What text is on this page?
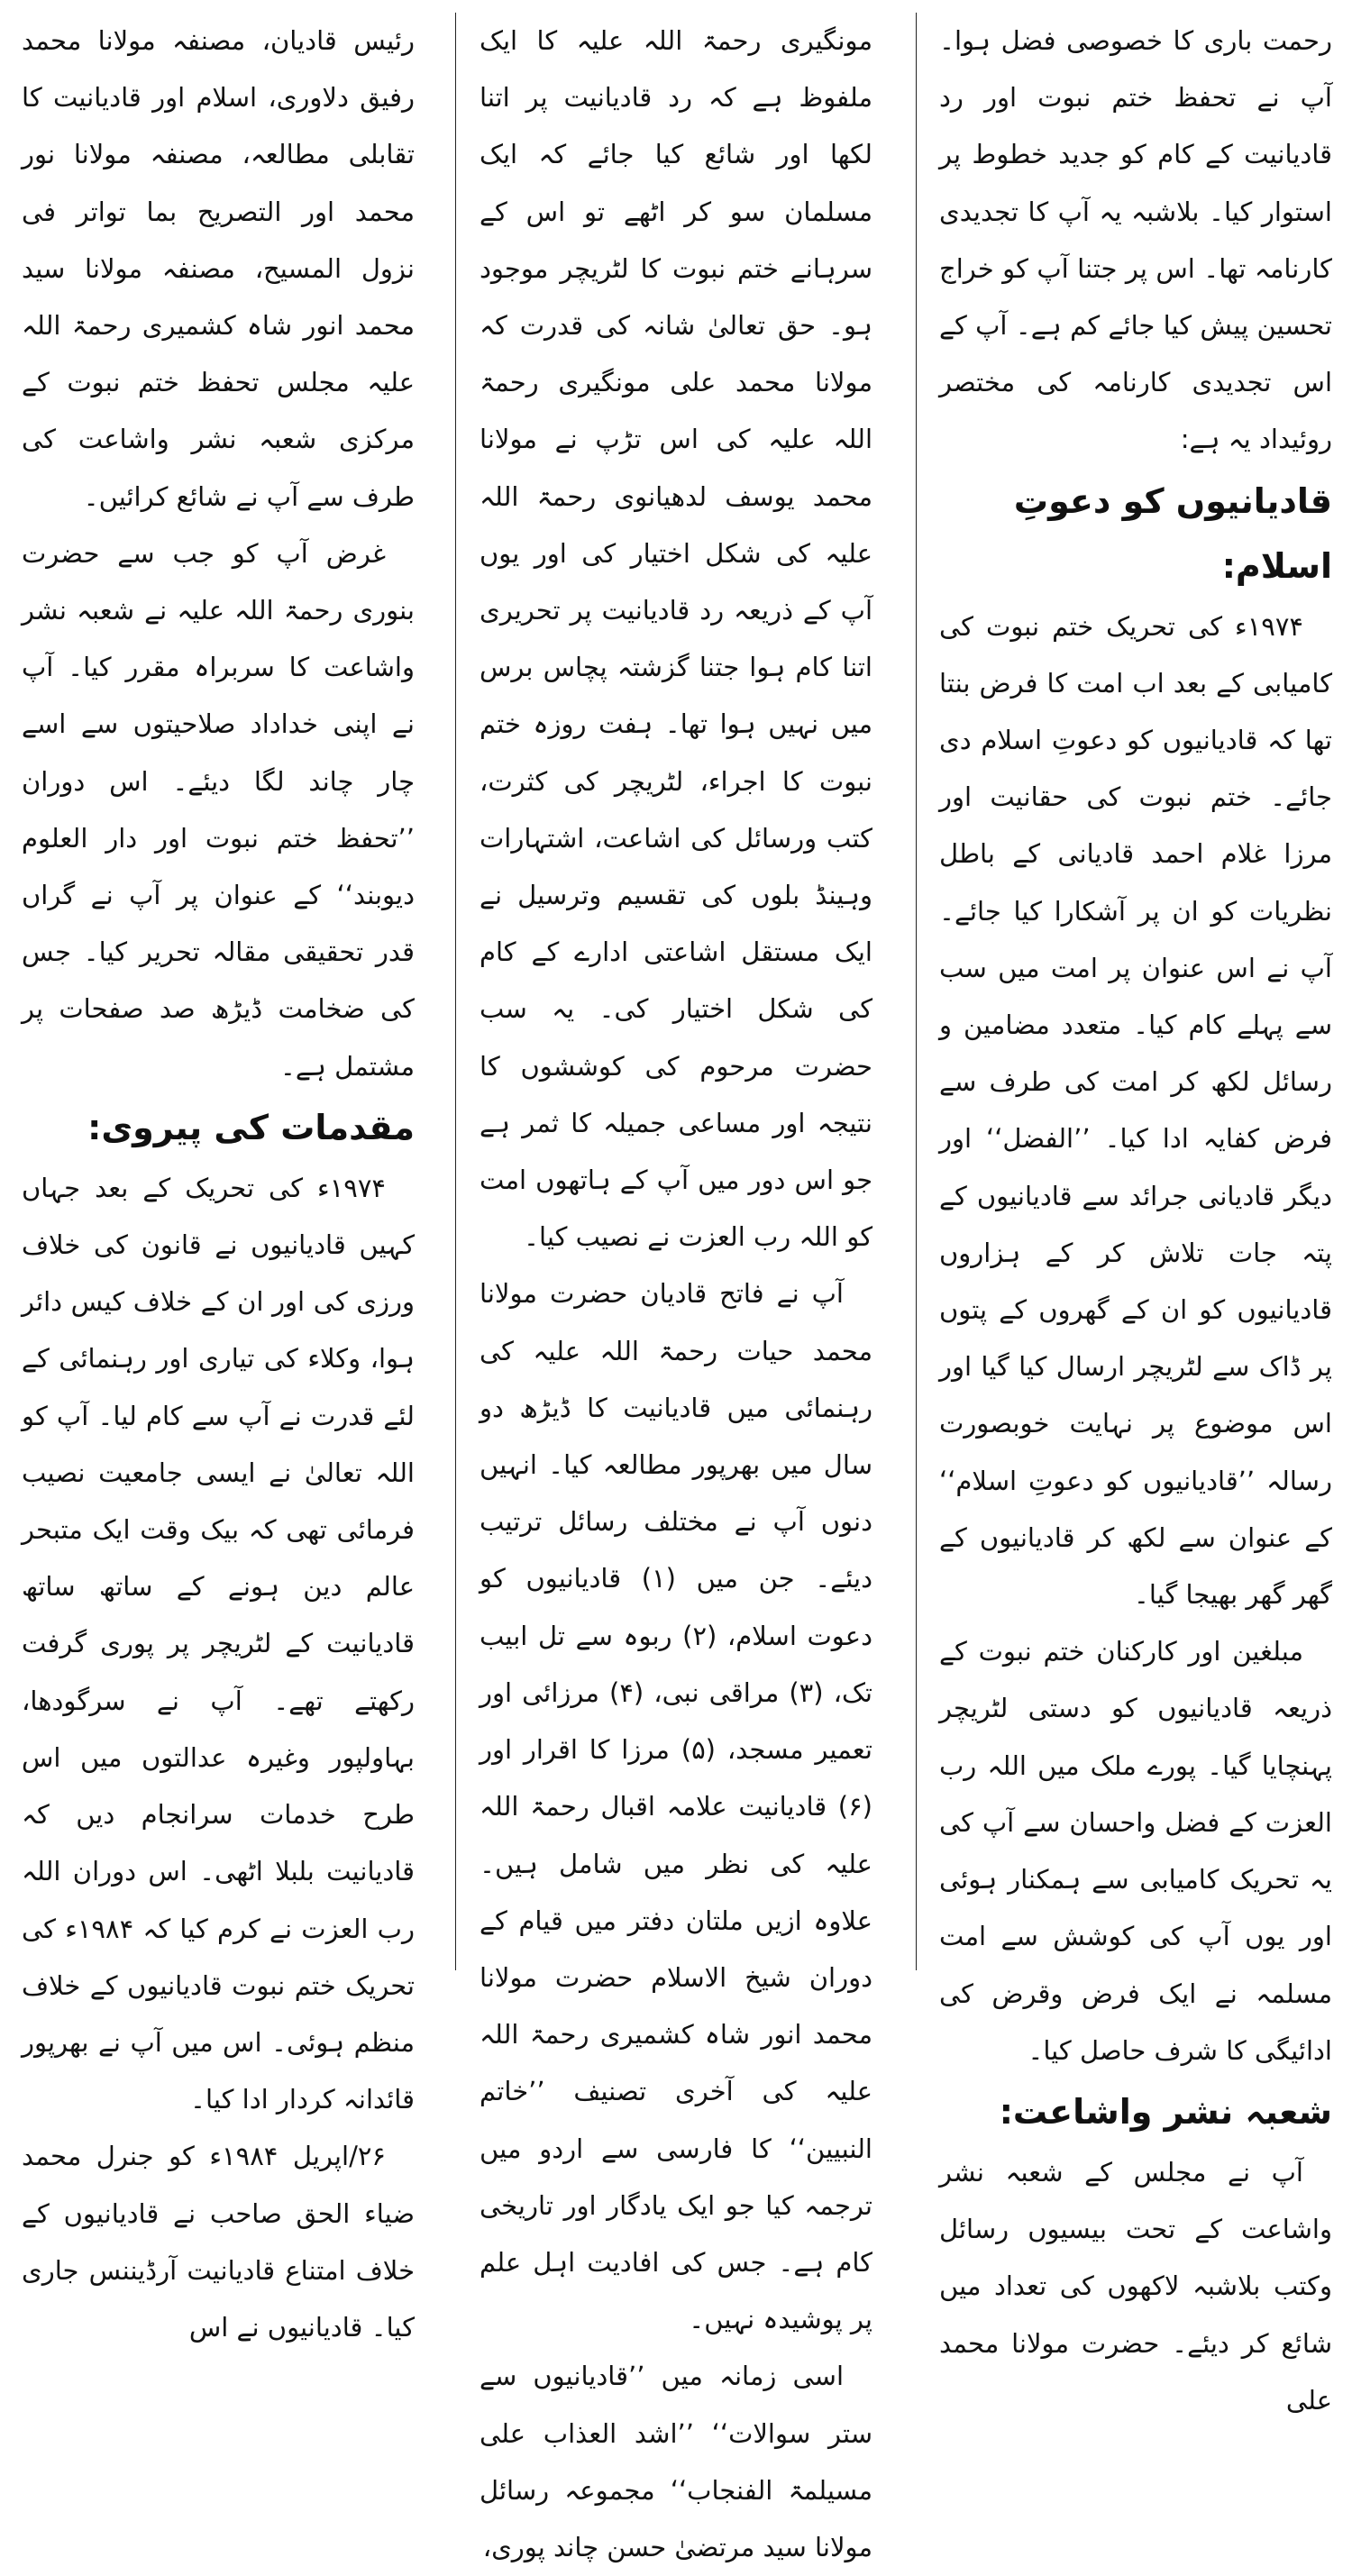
رحمت باری کا خصوصی فضل ہوا۔ آپ نے تحفظ ختم نبوت اور رد قادیانیت کے کام کو جدید خطوط پر استوار کیا۔ بلاشبہ یہ آپ کا تجدیدی کارنامہ تھا۔ اس پر جتنا آپ کو خراج تحسین پیش کیا جائے کم ہے۔ آپ کے اس تجدیدی کارنامہ کی مختصر روئیداد یہ ہے:

قادیانیوں کو دعوتِ اسلام:

۱۹۷۴ء کی تحریک ختم نبوت کی کامیابی کے بعد اب امت کا فرض بنتا تھا کہ قادیانیوں کو دعوتِ اسلام دی جائے۔ ختم نبوت کی حقانیت اور مرزا غلام احمد قادیانی کے باطل نظریات کو ان پر آشکارا کیا جائے۔ آپ نے اس عنوان پر امت میں سب سے پہلے کام کیا۔ متعدد مضامین و رسائل لکھ کر امت کی طرف سے فرض کفایہ ادا کیا۔ ’’الفضل‘‘ اور دیگر قادیانی جرائد سے قادیانیوں کے پتہ جات تلاش کر کے ہزاروں قادیانیوں کو ان کے گھروں کے پتوں پر ڈاک سے لٹریچر ارسال کیا گیا اور اس موضوع پر نہایت خوبصورت رسالہ ’’قادیانیوں کو دعوتِ اسلام‘‘ کے عنوان سے لکھ کر قادیانیوں کے گھر گھر بھیجا گیا۔

مبلغین اور کارکنان ختم نبوت کے ذریعہ قادیانیوں کو دستی لٹریچر پہنچایا گیا۔ پورے ملک میں اللہ رب العزت کے فضل واحسان سے آپ کی یہ تحریک کامیابی سے ہمکنار ہوئی اور یوں آپ کی کوشش سے امت مسلمہ نے ایک فرض وقرض کی ادائیگی کا شرف حاصل کیا۔

شعبہ نشر واشاعت:

آپ نے مجلس کے شعبہ نشر واشاعت کے تحت بیسیوں رسائل وکتب بلاشبہ لاکھوں کی تعداد میں شائع کر دیئے۔ حضرت مولانا محمد علی

مونگیری رحمۃ اللہ علیہ کا ایک ملفوظ ہے کہ رد قادیانیت پر اتنا لکھا اور شائع کیا جائے کہ ایک مسلمان سو کر اٹھے تو اس کے سرہانے ختم نبوت کا لٹریچر موجود ہو۔ حق تعالیٰ شانہ کی قدرت کہ مولانا محمد علی مونگیری رحمۃ اللہ علیہ کی اس تڑپ نے مولانا محمد یوسف لدھیانوی رحمۃ اللہ علیہ کی شکل اختیار کی اور یوں آپ کے ذریعہ رد قادیانیت پر تحریری اتنا کام ہوا جتنا گزشتہ پچاس برس میں نہیں ہوا تھا۔ ہفت روزہ ختم نبوت کا اجراء، لٹریچر کی کثرت، کتب ورسائل کی اشاعت، اشتہارات وہینڈ بلوں کی تقسیم وترسیل نے ایک مستقل اشاعتی ادارے کے کام کی شکل اختیار کی۔ یہ سب حضرت مرحوم کی کوششوں کا نتیجہ اور مساعی جمیلہ کا ثمر ہے جو اس دور میں آپ کے ہاتھوں امت کو اللہ رب العزت نے نصیب کیا۔

آپ نے فاتح قادیان حضرت مولانا محمد حیات رحمۃ اللہ علیہ کی رہنمائی میں قادیانیت کا ڈیڑھ دو سال میں بھرپور مطالعہ کیا۔ انہیں دنوں آپ نے مختلف رسائل ترتیب دیئے۔ جن میں (۱) قادیانیوں کو دعوت اسلام، (۲) ربوہ سے تل ابیب تک، (۳) مراقی نبی، (۴) مرزائی اور تعمیر مسجد، (۵) مرزا کا اقرار اور (۶) قادیانیت علامہ اقبال رحمۃ اللہ علیہ کی نظر میں شامل ہیں۔ علاوہ ازیں ملتان دفتر میں قیام کے دوران شیخ الاسلام حضرت مولانا محمد انور شاہ کشمیری رحمۃ اللہ علیہ کی آخری تصنیف ’’خاتم النبیین‘‘ کا فارسی سے اردو میں ترجمہ کیا جو ایک یادگار اور تاریخی کام ہے۔ جس کی افادیت اہل علم پر پوشیدہ نہیں۔

اسی زمانہ میں ’’قادیانیوں سے ستر سوالات‘‘ ’’اشد العذاب علی مسیلمۃ الفنجاب‘‘ مجموعہ رسائل مولانا سید مرتضیٰ حسن چاند پوری،

رئیس قادیان، مصنفہ مولانا محمد رفیق دلاوری، اسلام اور قادیانیت کا تقابلی مطالعہ، مصنفہ مولانا نور محمد اور التصریح بما تواتر فی نزول المسیح، مصنفہ مولانا سید محمد انور شاہ کشمیری رحمۃ اللہ علیہ مجلس تحفظ ختم نبوت کے مرکزی شعبہ نشر واشاعت کی طرف سے آپ نے شائع کرائیں۔

غرض آپ کو جب سے حضرت بنوری رحمۃ اللہ علیہ نے شعبہ نشر واشاعت کا سربراہ مقرر کیا۔ آپ نے اپنی خداداد صلاحیتوں سے اسے چار چاند لگا دیئے۔ اس دوران ’’تحفظ ختم نبوت اور دار العلوم دیوبند‘‘ کے عنوان پر آپ نے گراں قدر تحقیقی مقالہ تحریر کیا۔ جس کی ضخامت ڈیڑھ صد صفحات پر مشتمل ہے۔

مقدمات کی پیروی:

۱۹۷۴ء کی تحریک کے بعد جہاں کہیں قادیانیوں نے قانون کی خلاف ورزی کی اور ان کے خلاف کیس دائر ہوا، وکلاء کی تیاری اور رہنمائی کے لئے قدرت نے آپ سے کام لیا۔ آپ کو اللہ تعالیٰ نے ایسی جامعیت نصیب فرمائی تھی کہ بیک وقت ایک متبحر عالم دین ہونے کے ساتھ ساتھ قادیانیت کے لٹریچر پر پوری گرفت رکھتے تھے۔ آپ نے سرگودھا، بہاولپور وغیرہ عدالتوں میں اس طرح خدمات سرانجام دیں کہ قادیانیت بلبلا اٹھی۔ اس دوران اللہ رب العزت نے کرم کیا کہ ۱۹۸۴ء کی تحریک ختم نبوت قادیانیوں کے خلاف منظم ہوئی۔ اس میں آپ نے بھرپور قائدانہ کردار ادا کیا۔

۲۶/اپریل ۱۹۸۴ء کو جنرل محمد ضیاء الحق صاحب نے قادیانیوں کے خلاف امتناع قادیانیت آرڈیننس جاری کیا۔ قادیانیوں نے اس
